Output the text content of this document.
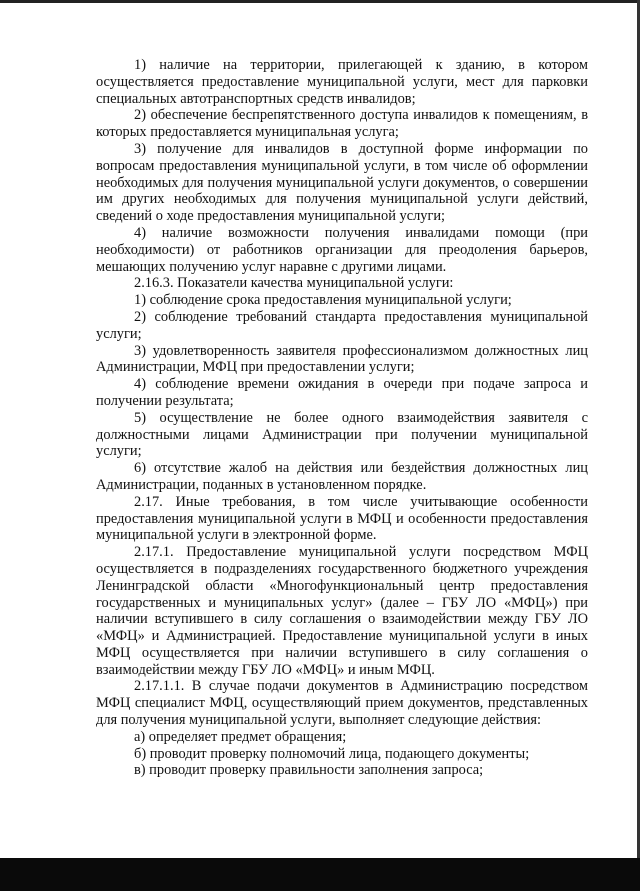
1) наличие на территории, прилегающей к зданию, в котором осуществляется предоставление муниципальной услуги, мест для парковки специальных автотранспортных средств инвалидов;

2) обеспечение беспрепятственного доступа инвалидов к помещениям, в которых предоставляется муниципальная услуга;

3) получение для инвалидов в доступной форме информации по вопросам предоставления муниципальной услуги, в том числе об оформлении необходимых для получения муниципальной услуги документов, о совершении им других необходимых для получения муниципальной услуги действий, сведений о ходе предоставления муниципальной услуги;

4) наличие возможности получения инвалидами помощи (при необходимости) от работников организации для преодоления барьеров, мешающих получению услуг наравне с другими лицами.

2.16.3. Показатели качества муниципальной услуги:

1) соблюдение срока предоставления муниципальной услуги;

2) соблюдение требований стандарта предоставления муниципальной услуги;

3) удовлетворенность заявителя профессионализмом должностных лиц Администрации, МФЦ при предоставлении услуги;

4) соблюдение времени ожидания в очереди при подаче запроса и получении результата;

5) осуществление не более одного взаимодействия заявителя с должностными лицами Администрации при получении муниципальной услуги;

6) отсутствие жалоб на действия или бездействия должностных лиц Администрации, поданных в установленном порядке.

2.17. Иные требования, в том числе учитывающие особенности предоставления муниципальной услуги в МФЦ и особенности предоставления муниципальной услуги в электронной форме.

2.17.1. Предоставление муниципальной услуги посредством МФЦ осуществляется в подразделениях государственного бюджетного учреждения Ленинградской области «Многофункциональный центр предоставления государственных и муниципальных услуг» (далее – ГБУ ЛО «МФЦ») при наличии вступившего в силу соглашения о взаимодействии между ГБУ ЛО «МФЦ» и Администрацией. Предоставление муниципальной услуги в иных МФЦ осуществляется при наличии вступившего в силу соглашения о взаимодействии между ГБУ ЛО «МФЦ» и иным МФЦ.

2.17.1.1. В случае подачи документов в Администрацию посредством МФЦ специалист МФЦ, осуществляющий прием документов, представленных для получения муниципальной услуги, выполняет следующие действия:

а) определяет предмет обращения;

б) проводит проверку полномочий лица, подающего документы;

в) проводит проверку правильности заполнения запроса;
